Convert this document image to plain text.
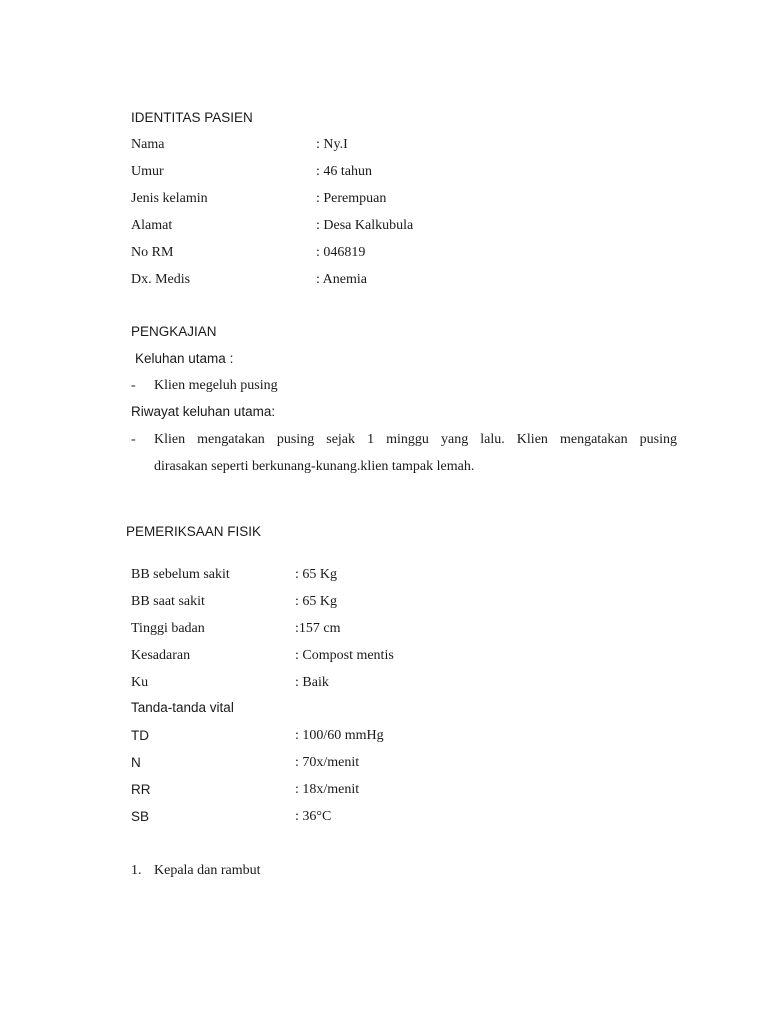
IDENTITAS PASIEN
Nama	: Ny.I
Umur	: 46 tahun
Jenis kelamin	: Perempuan
Alamat	: Desa Kalkubula
No RM	: 046819
Dx. Medis	: Anemia
PENGKAJIAN
Keluhan utama :
- Klien megeluh pusing
Riwayat keluhan utama:
- Klien mengatakan pusing sejak 1 minggu yang lalu. Klien mengatakan pusing
dirasakan seperti berkunang-kunang.klien tampak lemah.
PEMERIKSAAN FISIK
BB sebelum sakit	: 65 Kg
BB saat sakit	: 65 Kg
Tinggi badan	:157 cm
Kesadaran	: Compost mentis
Ku	: Baik
Tanda-tanda vital
TD	: 100/60 mmHg
N	: 70x/menit
RR	: 18x/menit
SB	: 36°C
1. Kepala dan rambut
